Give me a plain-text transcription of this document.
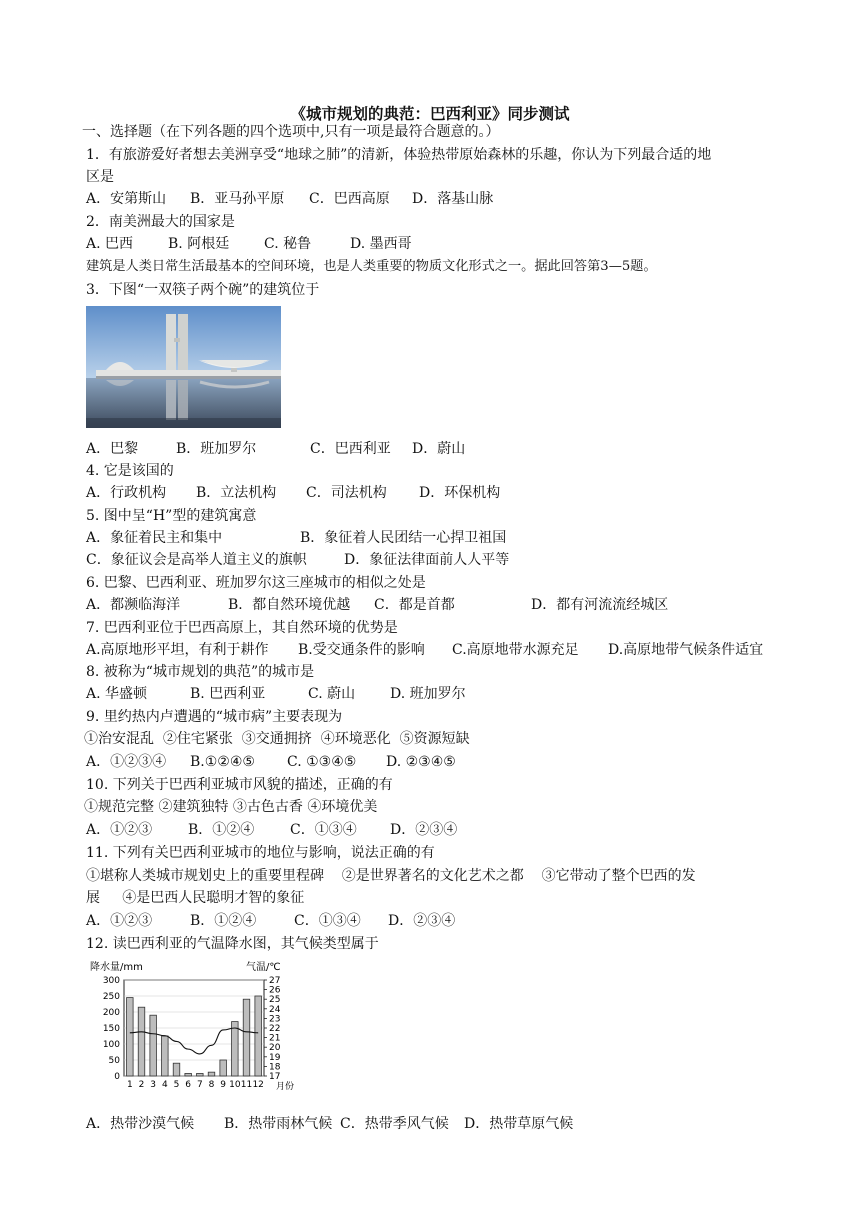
《城市规划的典范：巴西利亚》同步测试
一、选择题（在下列各题的四个选项中,只有一项是最符合题意的。）
1．有旅游爱好者想去美洲享受“地球之肺”的清新，体验热带原始森林的乐趣，你认为下列最合适的地
区是
A．安第斯山 B．亚马孙平原 C．巴西高原 D．落基山脉
2．南美洲最大的国家是
A. 巴西 B. 阿根廷 C. 秘鲁	D. 墨西哥
建筑是人类日常生活最基本的空间环境，也是人类重要的物质文化形式之一。据此回答第3—5题。
3．下图“一双筷子两个碗”的建筑位于
A．巴黎	B．班加罗尔	C．巴西利亚 D．蔚山
4. 它是该国的
A．行政机构 B．立法机构 C．司法机构 D．环保机构
5. 图中呈“H”型的建筑寓意
A．象征着民主和集中	B．象征着人民团结一心捍卫祖国
C．象征议会是高举人道主义的旗帜	D．象征法律面前人人平等
6. 巴黎、巴西利亚、班加罗尔这三座城市的相似之处是
A．都濒临海洋	B．都自然环境优越 C．都是首都	D．都有河流流经城区
7. 巴西利亚位于巴西高原上，其自然环境的优势是
A.高原地形平坦，有利于耕作 B.受交通条件的影响 C.高原地带水源充足 D.高原地带气候条件适宜
8. 被称为“城市规划的典范”的城市是
A. 华盛顿	B. 巴西利亚	C. 蔚山 D. 班加罗尔
9. 里约热内卢遭遇的“城市病”主要表现为
①治安混乱  ②住宅紧张  ③交通拥挤  ④环境恶化  ⑤资源短缺
A．①②③④ B.①②④⑤ C. ①③④⑤ D. ②③④⑤
10. 下列关于巴西利亚城市风貌的描述，正确的有
①规范完整 ②建筑独特 ③古色古香 ④环境优美
A．①②③	B．①②④	C．①③④ D．②③④
11. 下列有关巴西利亚城市的地位与影响，说法正确的有
①堪称人类城市规划史上的重要里程碑    ②是世界著名的文化艺术之都    ③它带动了整个巴西的发
展     ④是巴西人民聪明才智的象征
A．①②③	B．①②④	C．①③④ D．②③④
12. 读巴西利亚的气温降水图，其气候类型属于
降水量/mm	气温/℃
月份
300
250
200
150
100
50
0
27
26
25
24
23
22
21
20
19
18
17
1 2 3 4 5 6 7 8 9 10 11 12
A．热带沙漠气候 B．热带雨林气候 C．热带季风气候 D．热带草原气候
